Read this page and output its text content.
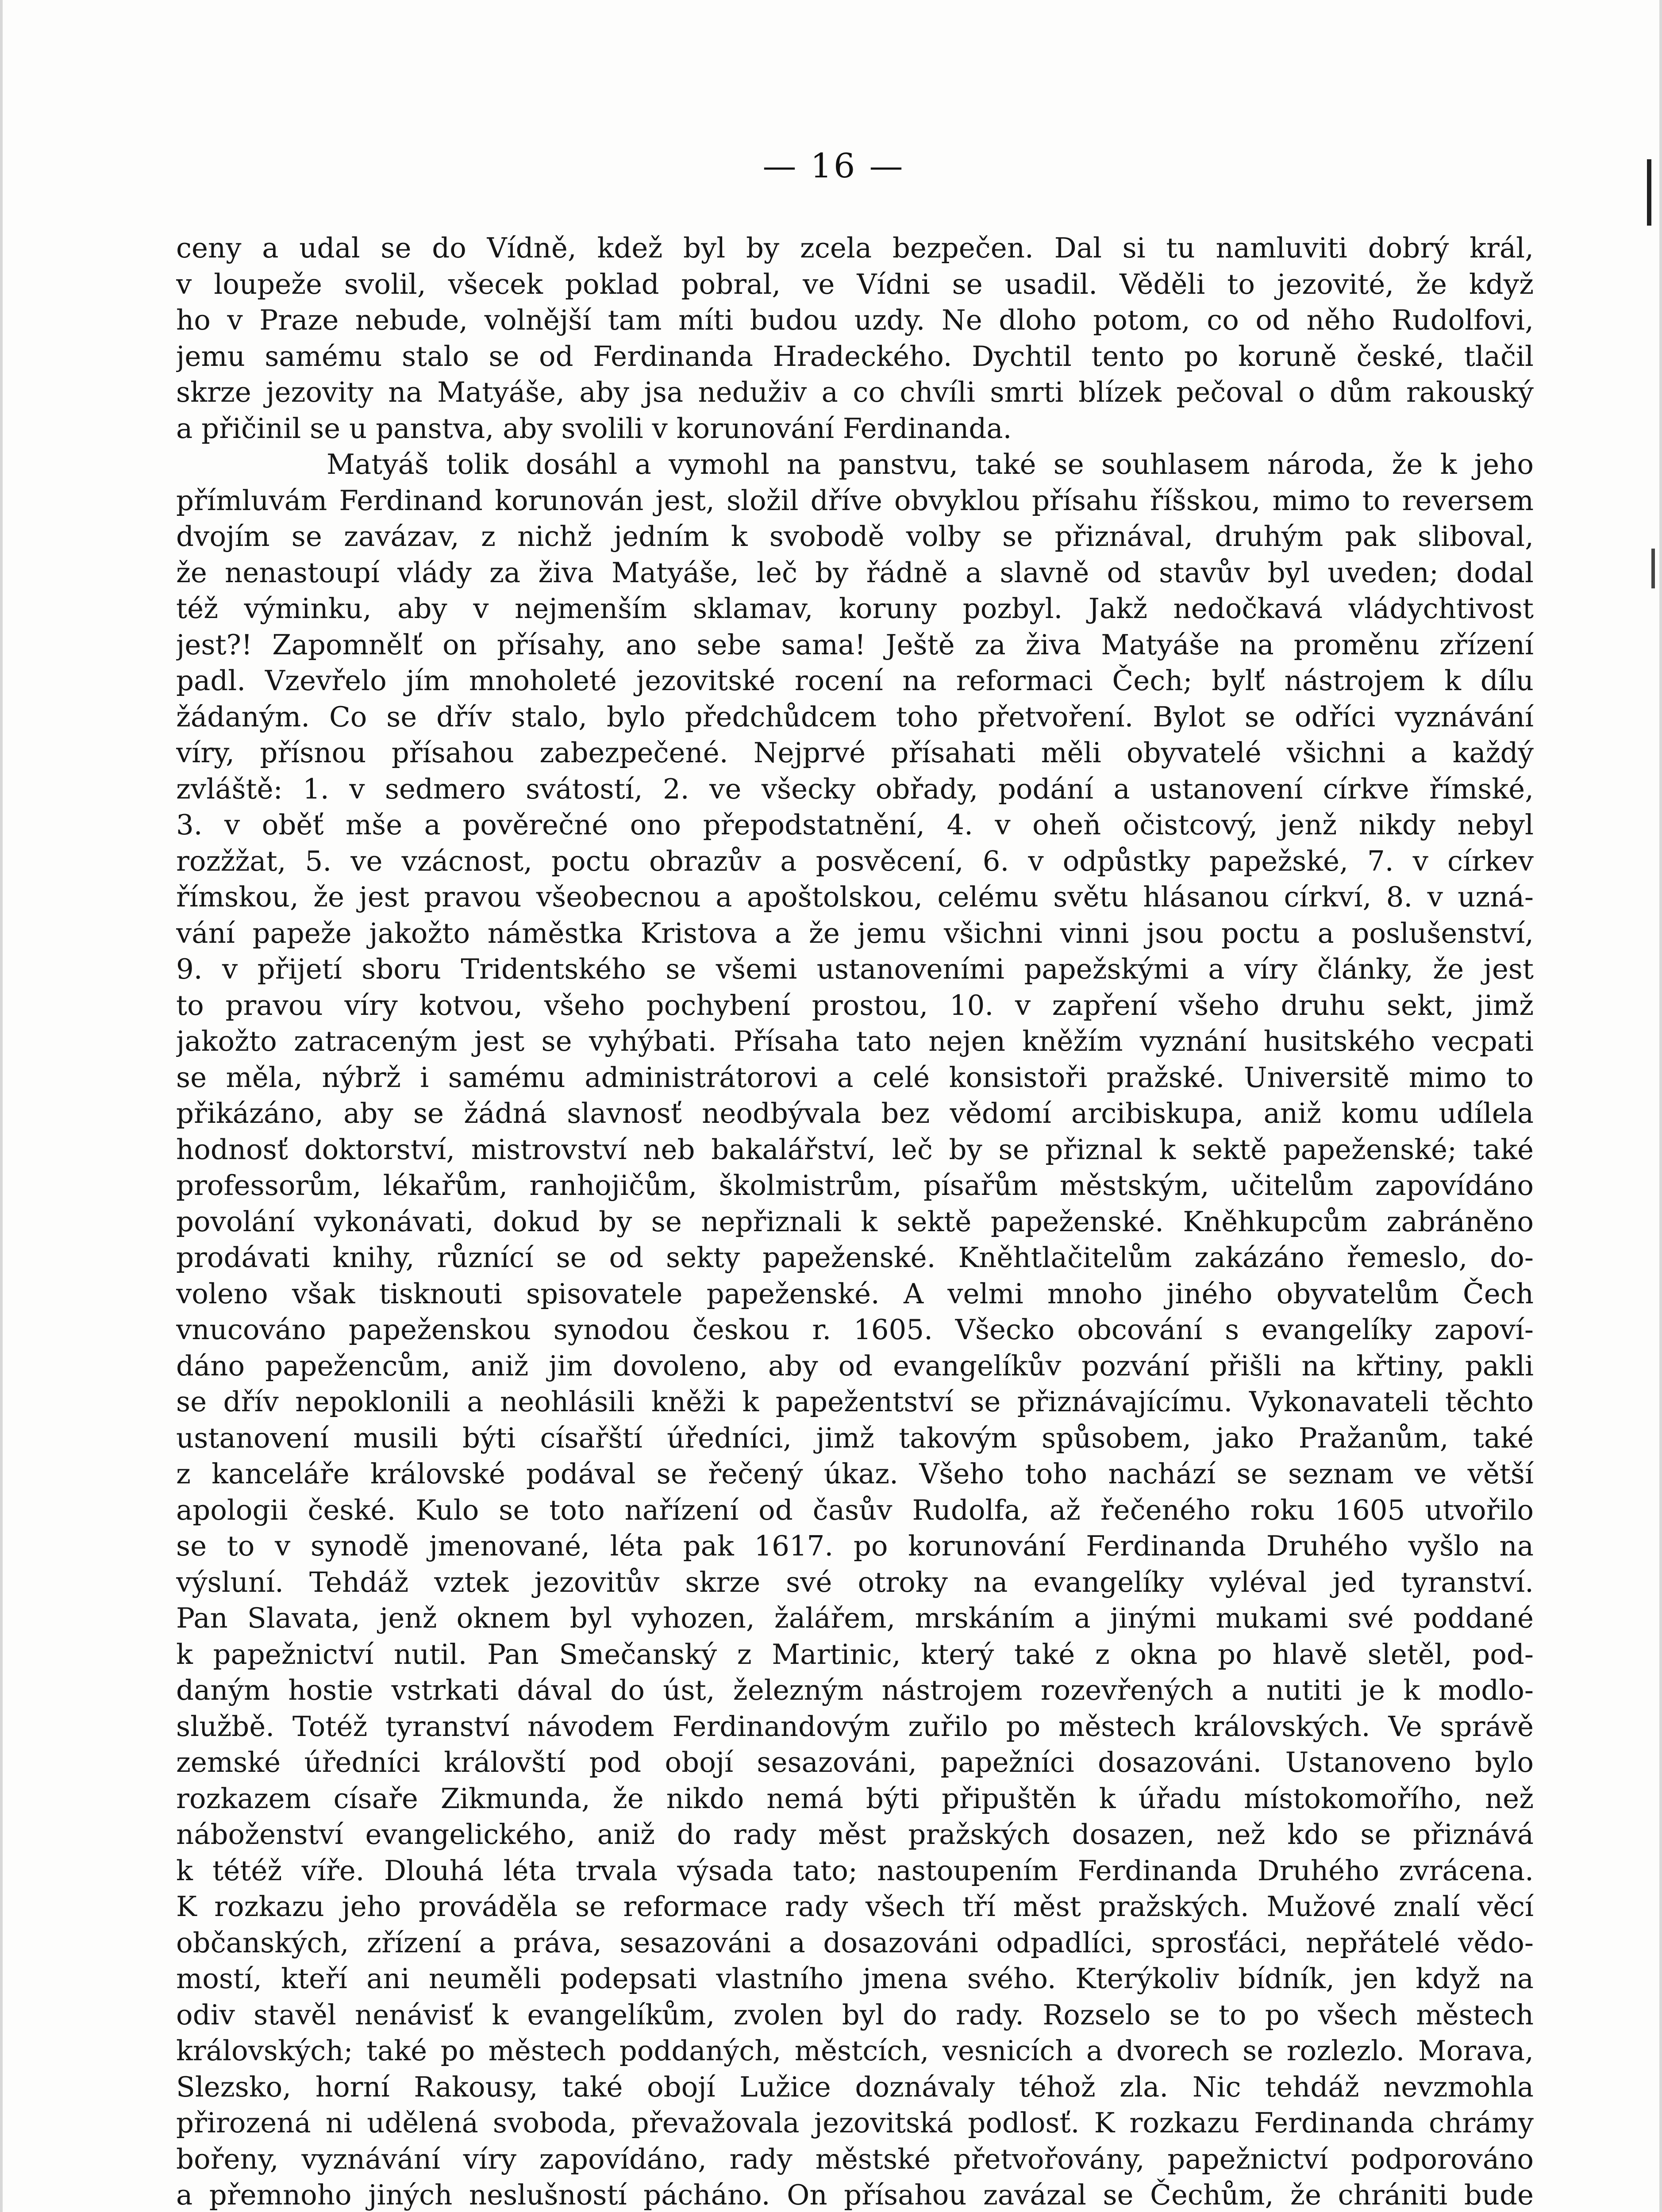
— 16 —
ceny a udal se do Vídně, kdež byl by zcela bezpečen. Dal si tu namluviti dobrý král,
v loupeže svolil, všecek poklad pobral, ve Vídni se usadil. Věděli to jezovité, že když
ho v Praze nebude, volnější tam míti budou uzdy. Ne dloho potom, co od něho Rudolfovi,
jemu samému stalo se od Ferdinanda Hradeckého. Dychtil tento po koruně české, tlačil
skrze jezovity na Matyáše, aby jsa neduživ a co chvíli smrti blízek pečoval o dům rakouský
a přičinil se u panstva, aby svolili v korunování Ferdinanda.
Matyáš tolik dosáhl a vymohl na panstvu, také se souhlasem národa, že k jeho
přímluvám Ferdinand korunován jest, složil dříve obvyklou přísahu říšskou, mimo to reversem
dvojím se zavázav, z nichž jedním k svobodě volby se přiznával, druhým pak sliboval,
že nenastoupí vlády za živa Matyáše, leč by řádně a slavně od stavův byl uveden; dodal
též výminku, aby v nejmenším sklamav, koruny pozbyl. Jakž nedočkavá vládychtivost
jest?! Zapomnělť on přísahy, ano sebe sama! Ještě za živa Matyáše na proměnu zřízení
padl. Vzevřelo jím mnoholeté jezovitské rocení na reformaci Čech; bylť nástrojem k dílu
žádaným. Co se dřív stalo, bylo předchůdcem toho přetvoření. Bylot se odříci vyznávání
víry, přísnou přísahou zabezpečené. Nejprvé přísahati měli obyvatelé všichni a každý
zvláště: 1. v sedmero svátostí, 2. ve všecky obřady, podání a ustanovení církve římské,
3. v oběť mše a pověrečné ono přepodstatnění, 4. v oheň očistcový, jenž nikdy nebyl
rozžžat, 5. ve vzácnost, poctu obrazův a posvěcení, 6. v odpůstky papežské, 7. v církev
římskou, že jest pravou všeobecnou a apoštolskou, celému světu hlásanou církví, 8. v uzná-
vání papeže jakožto náměstka Kristova a že jemu všichni vinni jsou poctu a poslušenství,
9. v přijetí sboru Tridentského se všemi ustanoveními papežskými a víry články, že jest
to pravou víry kotvou, všeho pochybení prostou, 10. v zapření všeho druhu sekt, jimž
jakožto zatraceným jest se vyhýbati. Přísaha tato nejen kněžím vyznání husitského vecpati
se měla, nýbrž i samému administrátorovi a celé konsistoři pražské. Universitě mimo to
přikázáno, aby se žádná slavnosť neodbývala bez vědomí arcibiskupa, aniž komu udílela
hodnosť doktorství, mistrovství neb bakalářství, leč by se přiznal k sektě papeženské; také
professorům, lékařům, ranhojičům, školmistrům, písařům městským, učitelům zapovídáno
povolání vykonávati, dokud by se nepřiznali k sektě papeženské. Kněhkupcům zabráněno
prodávati knihy, různící se od sekty papeženské. Kněhtlačitelům zakázáno řemeslo, do-
voleno však tisknouti spisovatele papeženské. A velmi mnoho jiného obyvatelům Čech
vnucováno papeženskou synodou českou r. 1605. Všecko obcování s evangelíky zapoví-
dáno papežencům, aniž jim dovoleno, aby od evangelíkův pozvání přišli na křtiny, pakli
se dřív nepoklonili a neohlásili kněži k papežentství se přiznávajícímu. Vykonavateli těchto
ustanovení musili býti císařští úředníci, jimž takovým spůsobem, jako Pražanům, také
z kanceláře královské podával se řečený úkaz. Všeho toho nachází se seznam ve větší
apologii české. Kulo se toto nařízení od časův Rudolfa, až řečeného roku 1605 utvořilo
se to v synodě jmenované, léta pak 1617. po korunování Ferdinanda Druhého vyšlo na
výsluní. Tehdáž vztek jezovitův skrze své otroky na evangelíky vyléval jed tyranství.
Pan Slavata, jenž oknem byl vyhozen, žalářem, mrskáním a jinými mukami své poddané
k papežnictví nutil. Pan Smečanský z Martinic, který také z okna po hlavě sletěl, pod-
daným hostie vstrkati dával do úst, železným nástrojem rozevřených a nutiti je k modlo-
službě. Totéž tyranství návodem Ferdinandovým zuřilo po městech královských. Ve správě
zemské úředníci královští pod obojí sesazováni, papežníci dosazováni. Ustanoveno bylo
rozkazem císaře Zikmunda, že nikdo nemá býti připuštěn k úřadu místokomořího, než
náboženství evangelického, aniž do rady měst pražských dosazen, než kdo se přiznává
k tétéž víře. Dlouhá léta trvala výsada tato; nastoupením Ferdinanda Druhého zvrácena.
K rozkazu jeho prováděla se reformace rady všech tří měst pražských. Mužové znalí věcí
občanských, zřízení a práva, sesazováni a dosazováni odpadlíci, sprosťáci, nepřátelé vědo-
mostí, kteří ani neuměli podepsati vlastního jmena svého. Kterýkoliv bídník, jen když na
odiv stavěl nenávisť k evangelíkům, zvolen byl do rady. Rozselo se to po všech městech
královských; také po městech poddaných, městcích, vesnicích a dvorech se rozlezlo. Morava,
Slezsko, horní Rakousy, také obojí Lužice doznávaly téhož zla. Nic tehdáž nevzmohla
přirozená ni udělená svoboda, převažovala jezovitská podlosť. K rozkazu Ferdinanda chrámy
bořeny, vyznávání víry zapovídáno, rady městské přetvořovány, papežnictví podporováno
a přemnoho jiných neslušností pácháno. On přísahou zavázal se Čechům, že chrániti bude
